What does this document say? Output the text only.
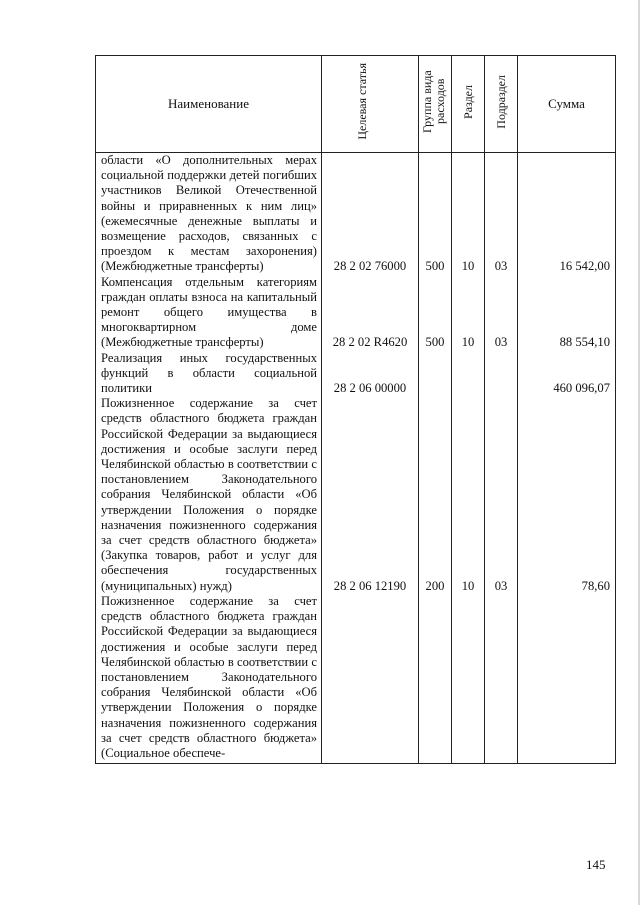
Наименование	Целевая статья	Группа вида расходов	Раздел	Подраздел	Сумма
области «О дополнительных мерах социальной поддержки детей погибших участников Великой Отечественной войны и приравненных к ним лиц» (ежемесячные денежные выплаты и возмещение расходов, связанных с проездом к местам захоронения) (Межбюджетные трансферты)	28 2 02 76000	500	10	03	16 542,00
Компенсация отдельным категориям граждан оплаты взноса на капитальный ремонт общего имущества в многоквартирном доме (Межбюджетные трансферты)	28 2 02 R4620	500	10	03	88 554,10
Реализация иных государственных функций в области социальной политики	28 2 06 00000				460 096,07
Пожизненное содержание за счет средств областного бюджета граждан Российской Федерации за выдающиеся достижения и особые заслуги перед Челябинской областью в соответствии с постановлением Законодательного собрания Челябинской области «Об утверждении Положения о порядке назначения пожизненного содержания за счет средств областного бюджета» (Закупка товаров, работ и услуг для обеспечения государственных (муниципальных) нужд)	28 2 06 12190	200	10	03	78,60
Пожизненное содержание за счет средств областного бюджета граждан Российской Федерации за выдающиеся достижения и особые заслуги перед Челябинской областью в соответствии с постановлением Законодательного собрания Челябинской области «Об утверждении Положения о порядке назначения пожизненного содержания за счет средств областного бюджета» (Социальное обеспече-					
145
